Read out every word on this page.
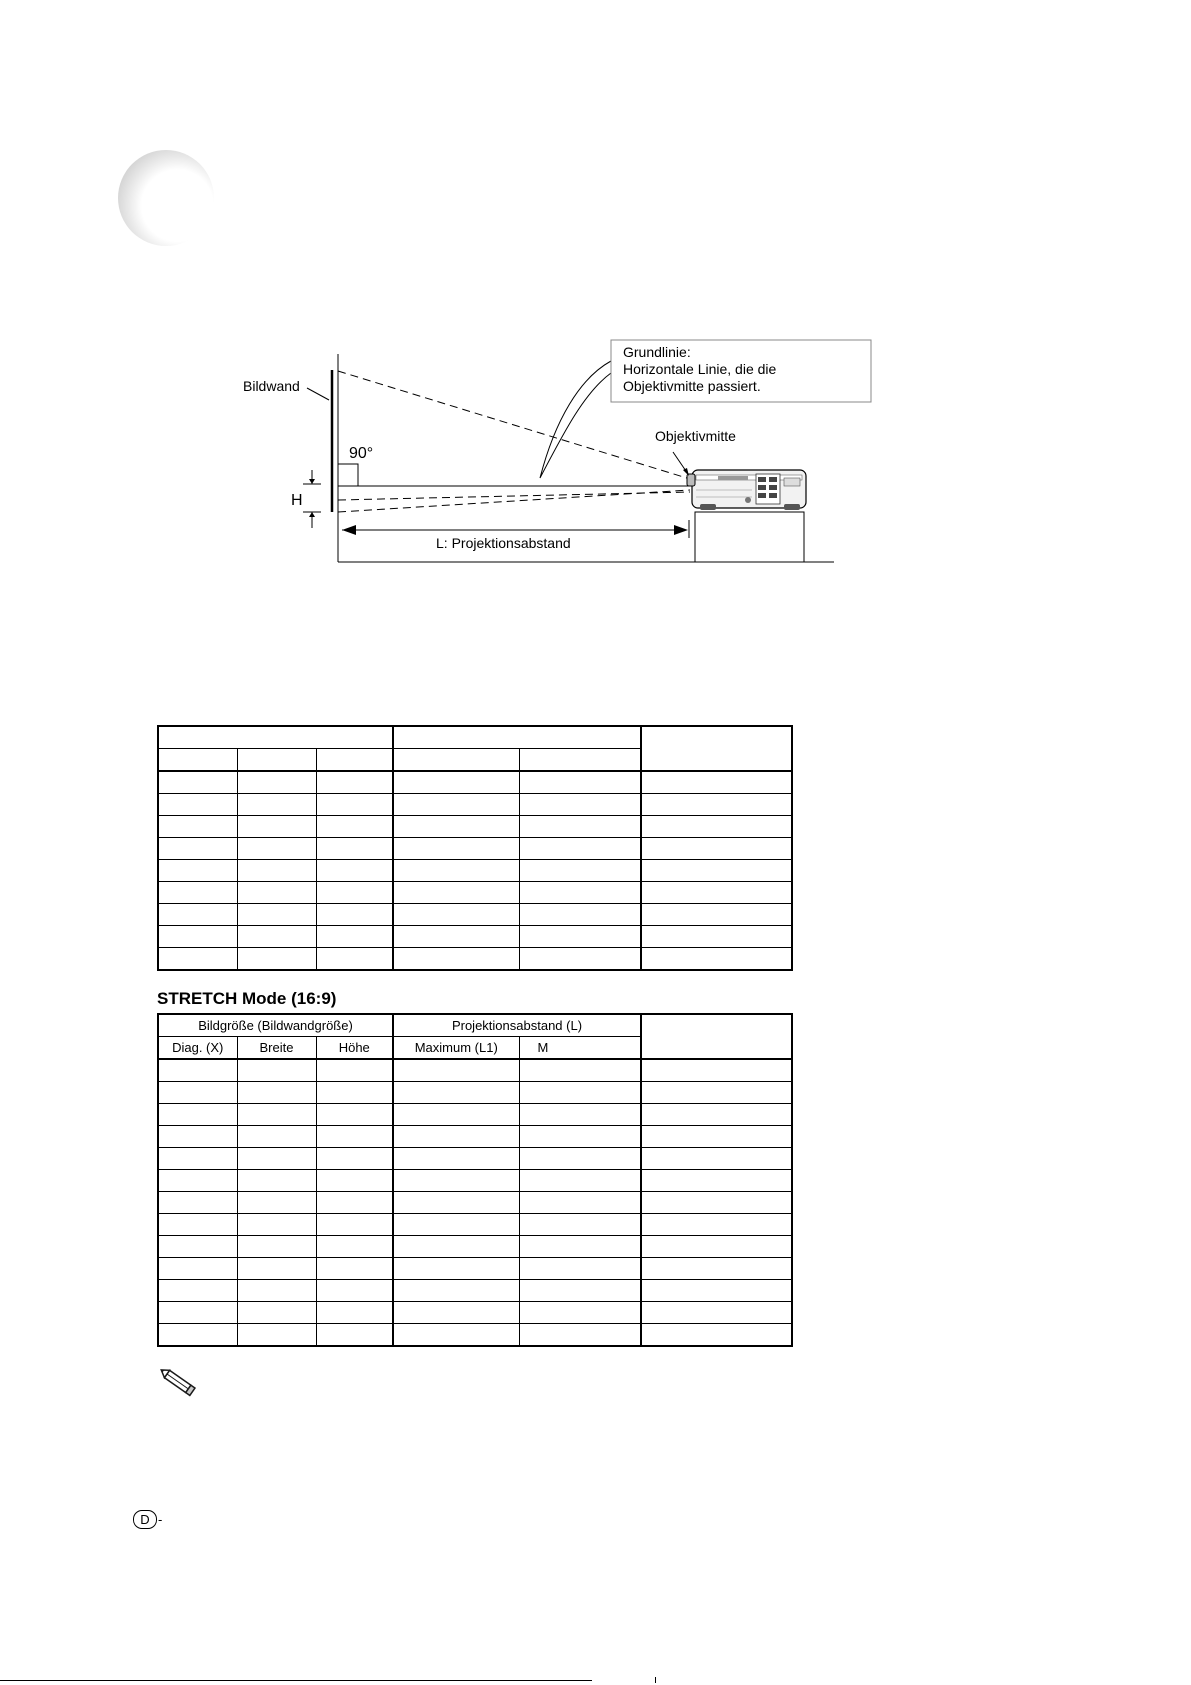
Bildwand
90°
H
L: Projektionsabstand
Objektivmitte
Grundlinie:
Horizontale Linie, die die
Objektivmitte passiert.

STRETCH Mode (16:9)
Bildgröße (Bildwandgröße)			Projektionsabstand (L)		
Diag. (X)	Breite	Höhe	Maximum (L1)	M	

D -
